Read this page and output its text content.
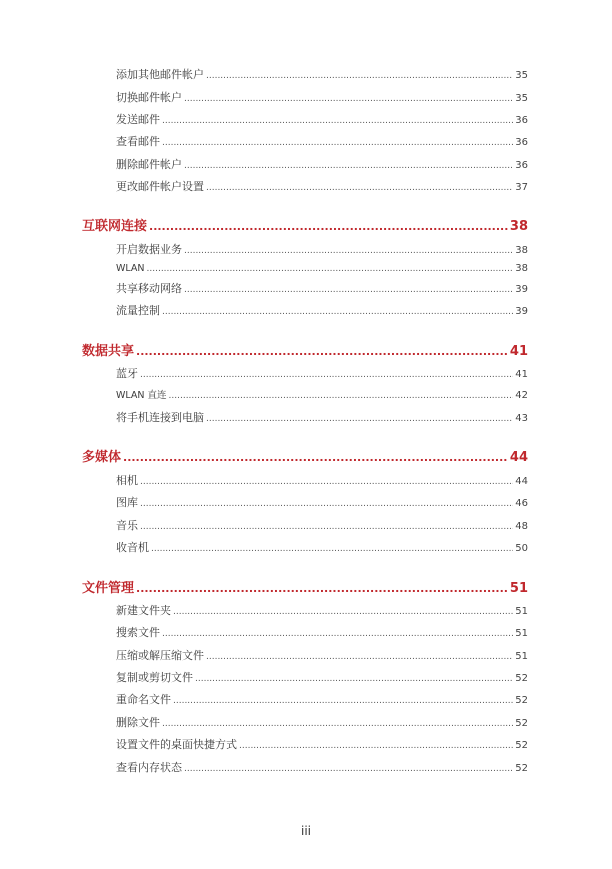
添加其他邮件帐户 .....	35
切换邮件帐户 .....	35
发送邮件 .....	36
查看邮件 .....	36
删除邮件帐户 .....	36
更改邮件帐户设置 .....	37
互联网连接 .....	38
开启数据业务 .....	38
WLAN .....	38
共享移动网络 .....	39
流量控制 .....	39
数据共享 .....	41
蓝牙 .....	41
WLAN 直连 .....	42
将手机连接到电脑 .....	43
多媒体 .....	44
相机 .....	44
图库 .....	46
音乐 .....	48
收音机 .....	50
文件管理 .....	51
新建文件夹 .....	51
搜索文件 .....	51
压缩或解压缩文件 .....	51
复制或剪切文件 .....	52
重命名文件 .....	52
删除文件 .....	52
设置文件的桌面快捷方式 .....	52
查看内存状态 .....	52
iii
